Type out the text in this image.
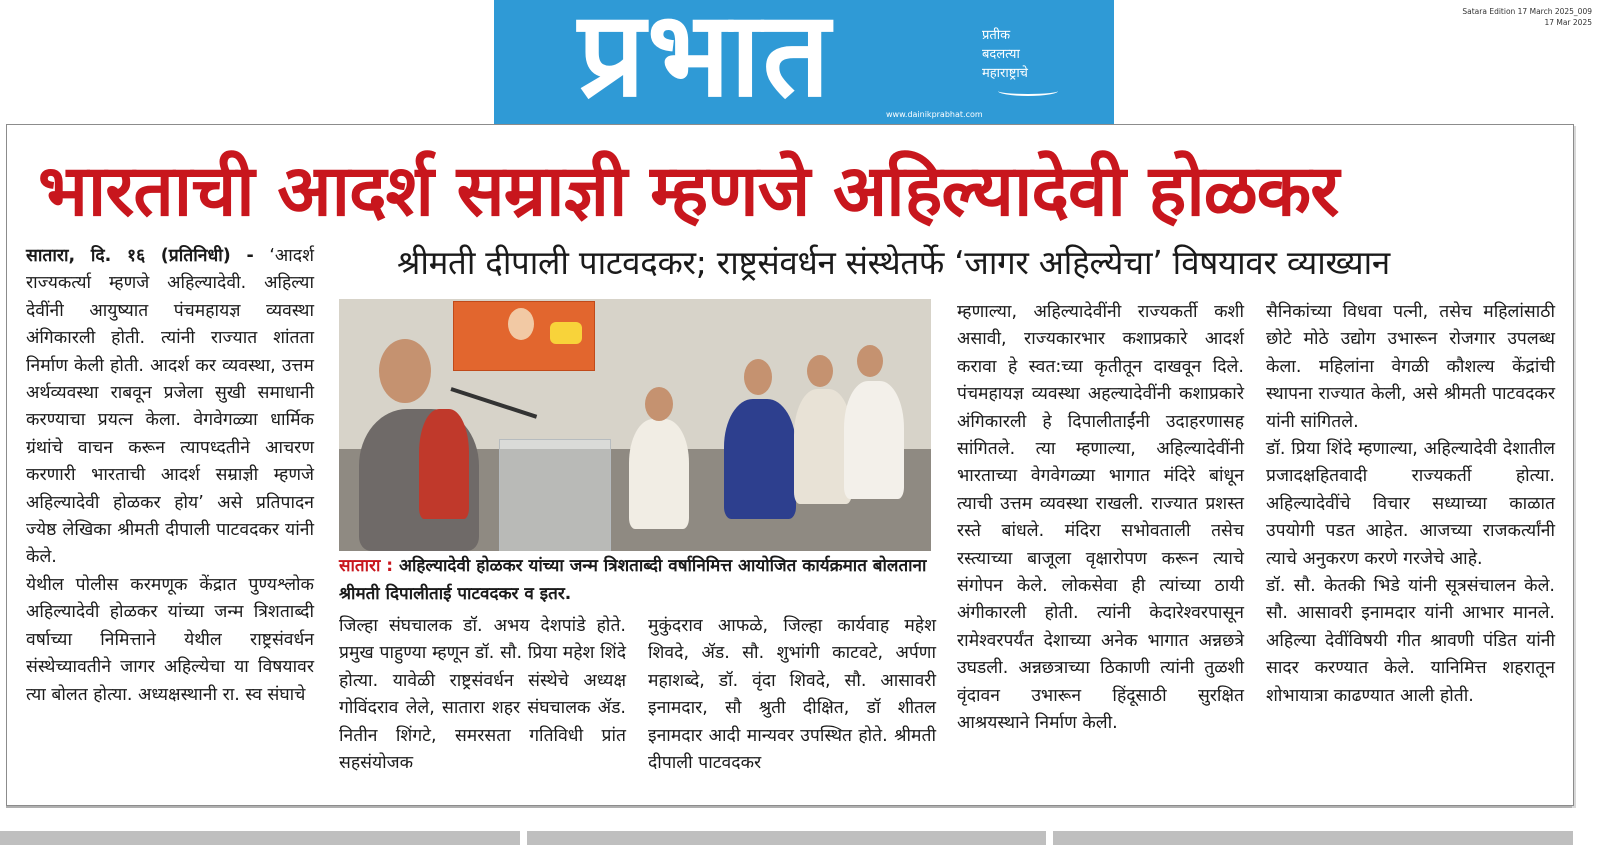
प्रभात	प्रतीक
बदलत्या
महाराष्ट्राचे
www.dainikprabhat.com
Satara Edition 17 March 2025_009
17 Mar 2025
भारताची आदर्श सम्राज्ञी म्हणजे अहिल्यादेवी होळकर
श्रीमती दीपाली पाटवदकर; राष्ट्रसंवर्धन संस्थेतर्फे ‘जागर अहिल्येचा’ विषयावर व्याख्यान
सातारा, दि. १६ (प्रतिनिधी) - ‘आदर्श राज्यकर्त्या म्हणजे अहिल्यादेवी. अहिल्या देवींनी आयुष्यात पंचमहायज्ञ व्यवस्था अंगिकारली होती. त्यांनी राज्यात शांतता निर्माण केली होती. आदर्श कर व्यवस्था, उत्तम अर्थव्यवस्था राबवून प्रजेला सुखी समाधानी करण्याचा प्रयत्न केला. वेगवेगळ्या धार्मिक ग्रंथांचे वाचन करून त्यापध्दतीने आचरण करणारी भारताची आदर्श सम्राज्ञी म्हणजे अहिल्यादेवी होळकर होय’ असे प्रतिपादन ज्येष्ठ लेखिका श्रीमती दीपाली पाटवदकर यांनी केले.
येथील पोलीस करमणूक केंद्रात पुण्यश्लोक अहिल्यादेवी होळकर यांच्या जन्म त्रिशताब्दी वर्षाच्या निमित्ताने येथील राष्ट्रसंवर्धन संस्थेच्यावतीने जागर अहिल्येचा या विषयावर त्या बोलत होत्या. अध्यक्षस्थानी रा. स्व संघाचे
सातारा : अहिल्यादेवी होळकर यांच्या जन्म त्रिशताब्दी वर्षानिमित्त आयोजित कार्यक्रमात बोलताना श्रीमती दिपालीताई पाटवदकर व इतर.
जिल्हा संघचालक डॉ. अभय देशपांडे होते. प्रमुख पाहुण्या म्हणून डॉ. सौ. प्रिया महेश शिंदे होत्या. यावेळी राष्ट्रसंवर्धन संस्थेचे अध्यक्ष गोविंदराव लेले, सातारा शहर संघचालक ॲड. नितीन शिंगटे, समरसता गतिविधी प्रांत सहसंयोजक
मुकुंदराव आफळे, जिल्हा कार्यवाह महेश शिवदे, ॲड. सौ. शुभांगी काटवटे, अर्पणा महाशब्दे, डॉ. वृंदा शिवदे, सौ. आसावरी इनामदार, सौ श्रुती दीक्षित, डॉ शीतल इनामदार आदी मान्यवर उपस्थित होते. श्रीमती दीपाली पाटवदकर
म्हणाल्या, अहिल्यादेवींनी राज्यकर्ती कशी असावी, राज्यकारभार कशाप्रकारे आदर्श करावा हे स्वत:च्या कृतीतून दाखवून दिले. पंचमहायज्ञ व्यवस्था अहल्यादेवींनी कशाप्रकारे अंगिकारली हे दिपालीताईंनी उदाहरणासह सांगितले. त्या म्हणाल्या, अहिल्यादेवींनी भारताच्या वेगवेगळ्या भागात मंदिरे बांधून त्याची उत्तम व्यवस्था राखली. राज्यात प्रशस्त रस्ते बांधले. मंदिरा सभोवताली तसेच रस्त्याच्या बाजूला वृक्षारोपण करून त्याचे संगोपन केले. लोकसेवा ही त्यांच्या ठायी अंगीकारली होती. त्यांनी केदारेश्वरपासून रामेश्वरपर्यंत देशाच्या अनेक भागात अन्नछत्रे उघडली. अन्नछत्राच्या ठिकाणी त्यांनी तुळशी वृंदावन उभारून हिंदूसाठी सुरक्षित आश्रयस्थाने निर्माण केली.
सैनिकांच्या विधवा पत्नी, तसेच महिलांसाठी छोटे मोठे उद्योग उभारून रोजगार उपलब्ध केला. महिलांना वेगळी कौशल्य केंद्रांची स्थापना राज्यात केली, असे श्रीमती पाटवदकर यांनी सांगितले.
डॉ. प्रिया शिंदे म्हणाल्या, अहिल्यादेवी देशातील प्रजादक्षहितवादी राज्यकर्ती होत्या. अहिल्यादेवींचे विचार सध्याच्या काळात उपयोगी पडत आहेत. आजच्या राजकर्त्यांनी त्याचे अनुकरण करणे गरजेचे आहे.
डॉ. सौ. केतकी भिडे यांनी सूत्रसंचालन केले. सौ. आसावरी इनामदार यांनी आभार मानले. अहिल्या देवींविषयी गीत श्रावणी पंडित यांनी सादर करण्यात केले. यानिमित्त शहरातून शोभायात्रा काढण्यात आली होती.
